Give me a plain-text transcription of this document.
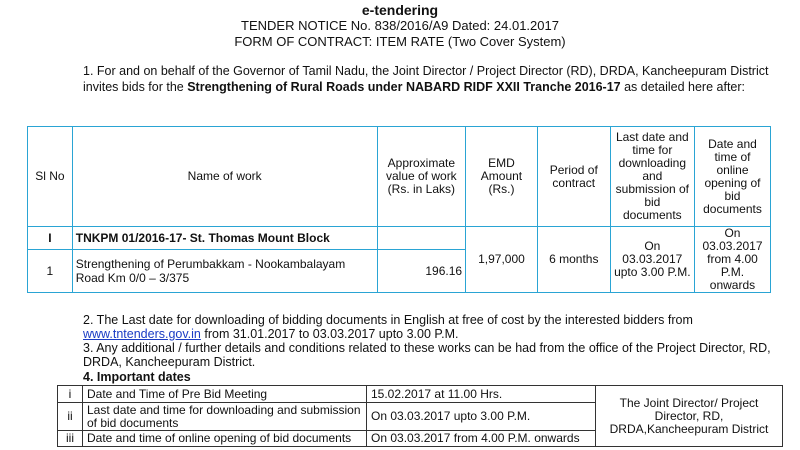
e-tendering
TENDER NOTICE No. 838/2016/A9 Dated: 24.01.2017
FORM OF CONTRACT: ITEM RATE (Two Cover System)
1. For and on behalf of the Governor of Tamil Nadu, the Joint Director / Project Director (RD), DRDA, Kancheepuram District invites bids for the Strengthening of Rural Roads under NABARD RIDF XXII Tranche 2016-17 as detailed here after:
Sl No	Name of work	Approximate value of work (Rs. in Laks)	EMD Amount (Rs.)	Period of contract	Last date and time for downloading and submission of bid documents	Date and time of online opening of bid documents
I	TNKPM 01/2016-17- St. Thomas Mount Block		1,97,000	6 months	On 03.03.2017 upto 3.00 P.M.	On 03.03.2017 from 4.00 P.M. onwards
1	Strengthening of Perumbakkam - Nookambalayam Road Km 0/0 – 3/375	196.16				
2. The Last date for downloading of bidding documents in English at free of cost by the interested bidders from www.tntenders.gov.in from 31.01.2017 to 03.03.2017 upto 3.00 P.M.
3. Any additional / further details and conditions related to these works can be had from the office of the Project Director, RD, DRDA, Kancheepuram District.
4. Important dates
i	Date and Time of Pre Bid Meeting	15.02.2017 at 11.00 Hrs.	The Joint Director/ Project Director, RD, DRDA,Kancheepuram District
ii	Last date and time for downloading and submission of bid documents	On 03.03.2017 upto 3.00 P.M.	
iii	Date and time of online opening of bid documents	On 03.03.2017 from 4.00 P.M. onwards	
